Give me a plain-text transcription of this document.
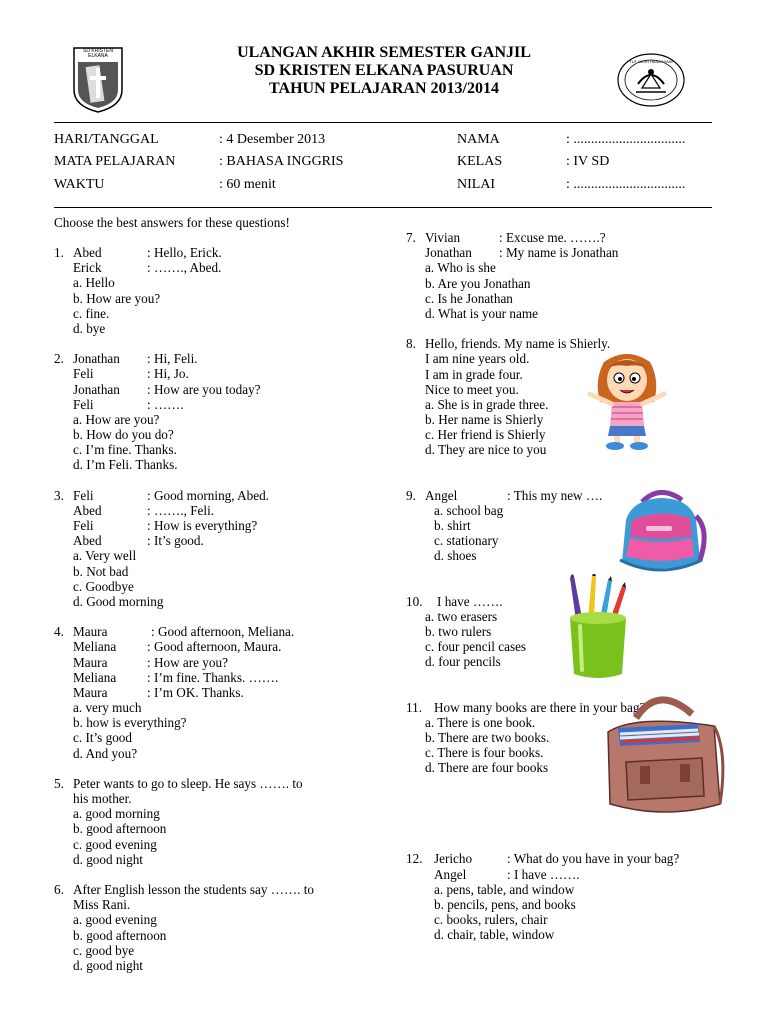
SD KRISTEN
ELKANA
TUT WURI HANDAYANI
ULANGAN AKHIR SEMESTER GANJIL
SD KRISTEN ELKANA PASURUAN
TAHUN PELAJARAN 2013/2014
HARI/TANGGAL	: 4 Desember 2013
MATA PELAJARAN	: BAHASA INGGRIS
WAKTU	: 60 menit
NAMA	: ................................
KELAS	: IV SD
NILAI	: ................................
Choose the best answers for these questions!
1. Abed	: Hello, Erick.
Erick	: ……., Abed.
a. Hello
b. How are you?
c. fine.
d. bye
2. Jonathan : Hi, Feli.
Feli	: Hi, Jo.
Jonathan : How are you today?
Feli	: …….
a. How are you?
b. How do you do?
c. I’m fine. Thanks.
d. I’m Feli. Thanks.
3. Feli	: Good morning, Abed.
Abed	: ……., Feli.
Feli	: How is everything?
Abed	: It’s good.
a. Very well
b. Not bad
c. Goodbye
d. Good morning
4. Maura	: Good afternoon, Meliana.
Meliana : Good afternoon, Maura.
Maura	: How are you?
Meliana : I’m fine. Thanks. …….
Maura	: I’m OK. Thanks.
a. very much
b. how is everything?
c. It’s good
d. And you?
5. Peter wants to go to sleep. He says ……. to
his mother.
a. good morning
b. good afternoon
c. good evening
d. good night
6. After English lesson the students say ……. to
Miss Rani.
a. good evening
b. good afternoon
c. good bye
d. good night
7. Vivian	: Excuse me. …….?
Jonathan : My name is Jonathan
a. Who is she
b. Are you Jonathan
c. Is he Jonathan
d. What is your name
8. Hello, friends. My name is Shierly.
I am nine years old.
I am in grade four.
Nice to meet you.
a. She is in grade three.
b. Her name is Shierly
c. Her friend is Shierly
d. They are nice to you
9. Angel	: This my new ….
a. school bag
b. shirt
c. stationary
d. shoes
10. I have …….
a. two erasers
b. two rulers
c. four pencil cases
d. four pencils
11. How many books are there in your bag?
a. There is one book.
b. There are two books.
c. There is four books.
d. There are four books
12. Jericho	: What do you have in your bag?
Angel	: I have …….
a. pens, table, and window
b. pencils, pens, and books
c. books, rulers, chair
d. chair, table, window
